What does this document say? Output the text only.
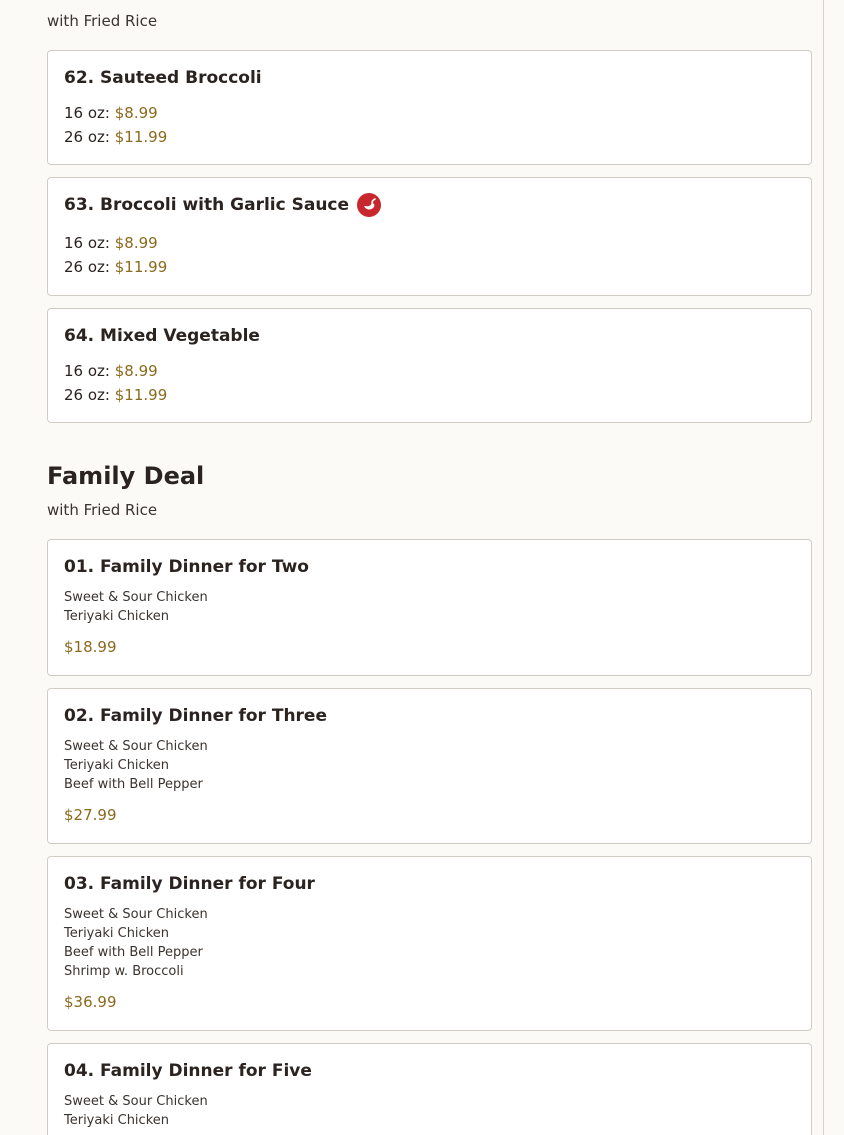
with Fried Rice

62. Sauteed Broccoli

16 oz: $8.99
26 oz: $11.99

63. Broccoli with Garlic Sauce

16 oz: $8.99
26 oz: $11.99

64. Mixed Vegetable

16 oz: $8.99
26 oz: $11.99
Family Deal

with Fried Rice

01. Family Dinner for Two

Sweet & Sour Chicken
Teriyaki Chicken
$18.99

02. Family Dinner for Three

Sweet & Sour Chicken
Teriyaki Chicken
Beef with Bell Pepper
$27.99

03. Family Dinner for Four

Sweet & Sour Chicken
Teriyaki Chicken
Beef with Bell Pepper
Shrimp w. Broccoli
$36.99

04. Family Dinner for Five

Sweet & Sour Chicken
Teriyaki Chicken
